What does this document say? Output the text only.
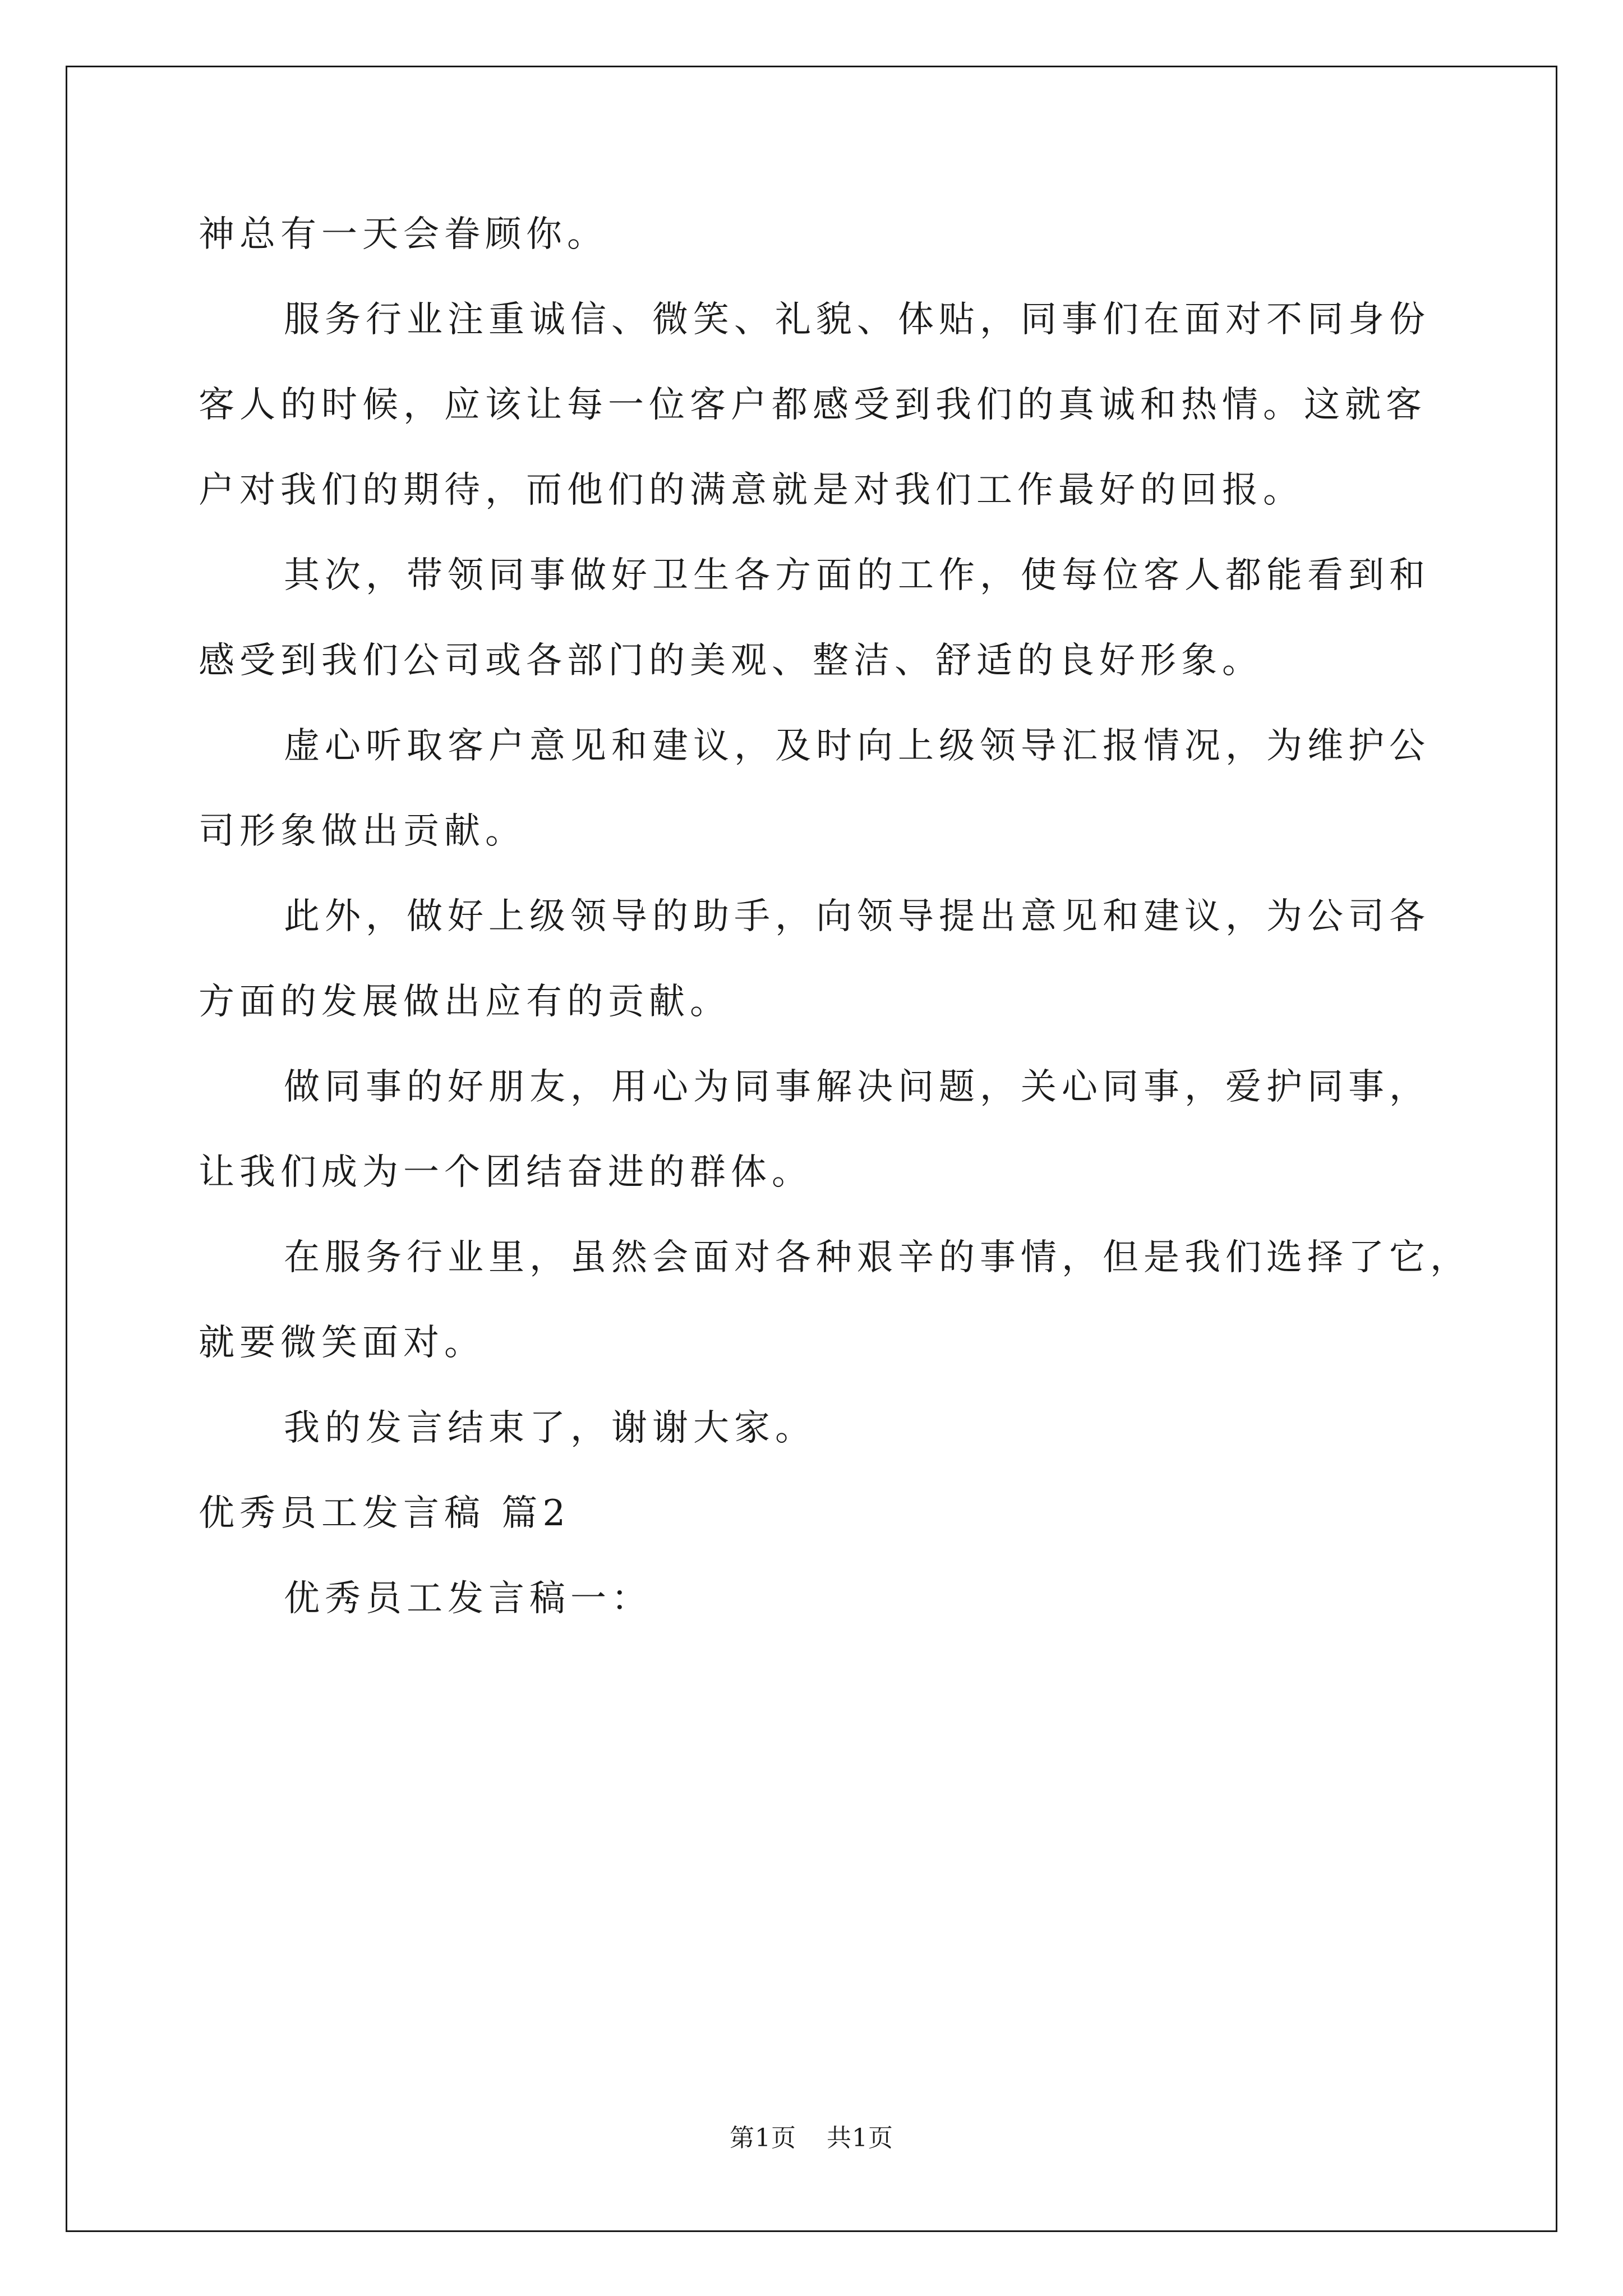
神总有一天会眷顾你。
服务行业注重诚信、微笑、礼貌、体贴，同事们在面对不同身份
客人的时候，应该让每一位客户都感受到我们的真诚和热情。这就客
户对我们的期待，而他们的满意就是对我们工作最好的回报。
其次，带领同事做好卫生各方面的工作，使每位客人都能看到和
感受到我们公司或各部门的美观、整洁、舒适的良好形象。
虚心听取客户意见和建议，及时向上级领导汇报情况，为维护公
司形象做出贡献。
此外，做好上级领导的助手，向领导提出意见和建议，为公司各
方面的发展做出应有的贡献。
做同事的好朋友，用心为同事解决问题，关心同事，爱护同事，
让我们成为一个团结奋进的群体。
在服务行业里，虽然会面对各种艰辛的事情，但是我们选择了它，
就要微笑面对。
我的发言结束了，谢谢大家。
优秀员工发言稿 篇2
优秀员工发言稿一：
第1页 共1页
